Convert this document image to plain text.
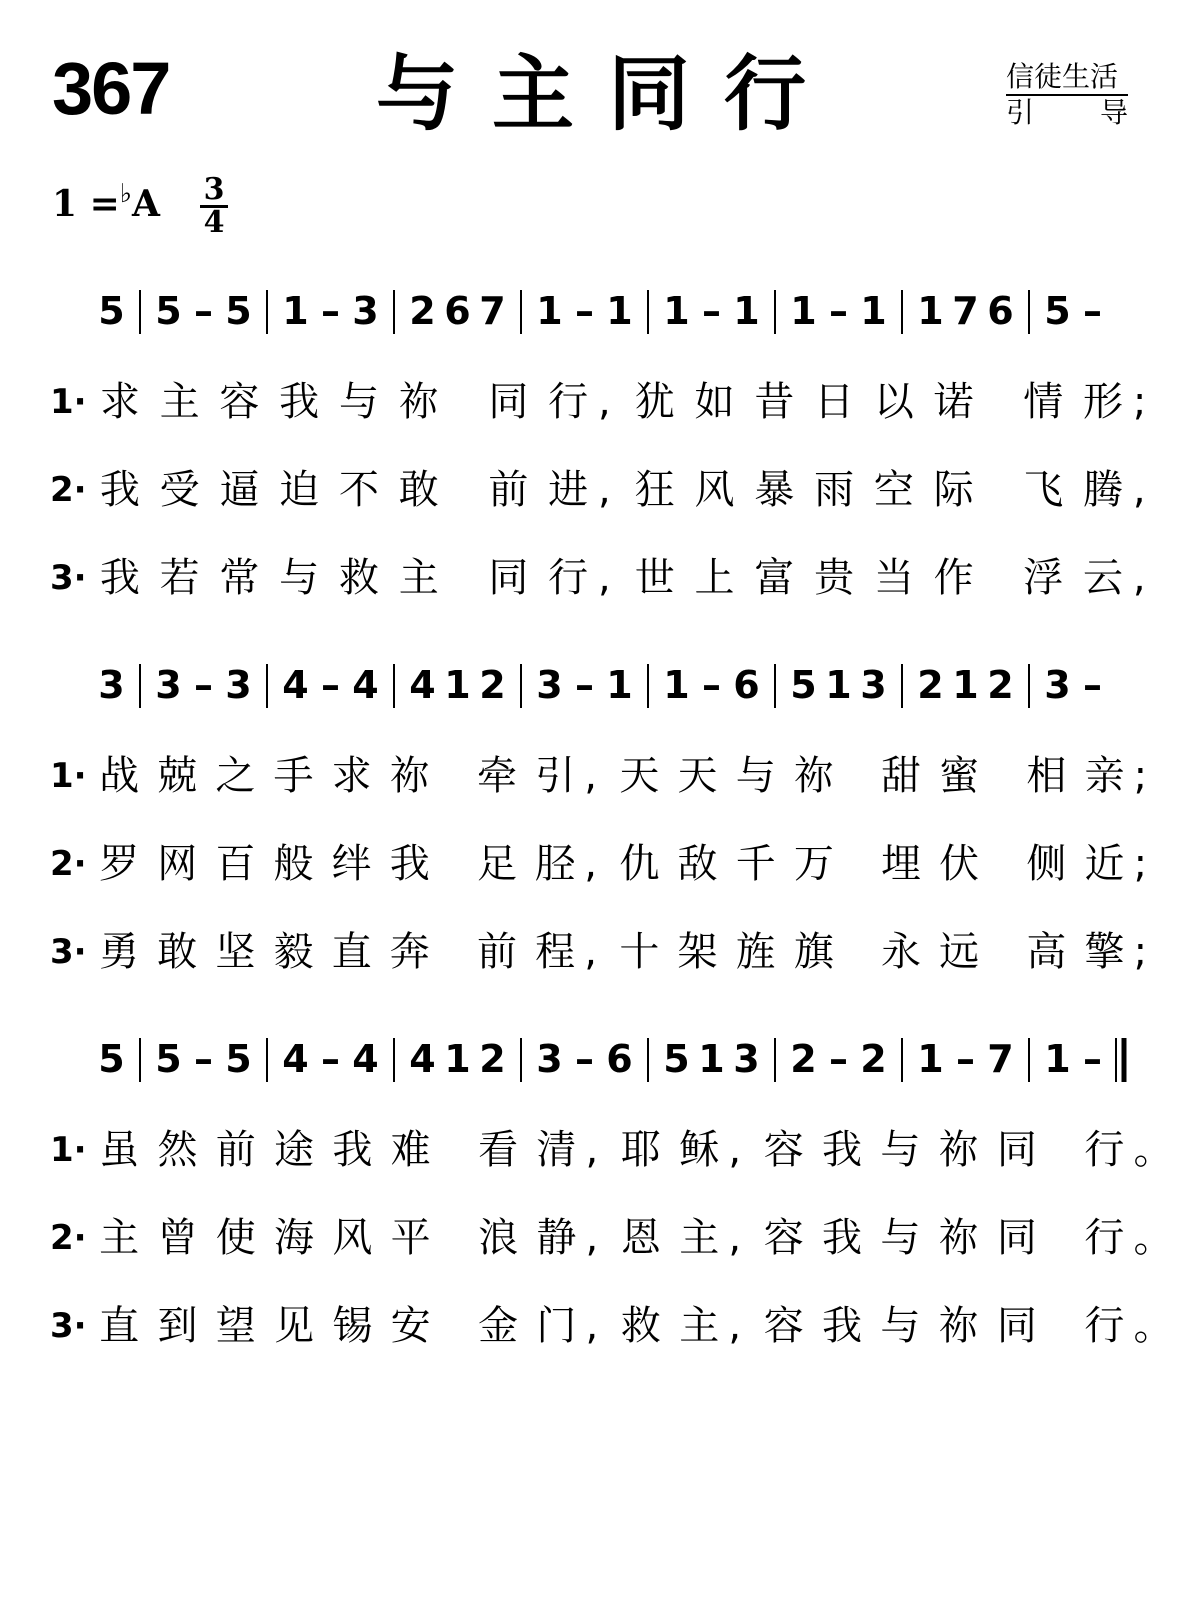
367	与主同行	信徒生活
引 导
1 =♭A 3
4
5 5 – 5 1 – 3 2 6 7 1 – 1 1 – 1 1 – 1 1 7 6 5 –
1· 求 主 容 我 与 祢 同 行 , 犹 如 昔 日 以 诺 情 形 ;
2· 我 受 逼 迫 不 敢 前 进 , 狂 风 暴 雨 空 际 飞 腾 ,
3· 我 若 常 与 救 主 同 行 , 世 上 富 贵 当 作 浮 云 ,
3 3 – 3 4 – 4 4 1 2 3 – 1 1 – 6 5 1 3 2 1 2 3 –
1· 战 兢 之 手 求 祢 牵 引 , 天 天 与 祢 甜 蜜 相 亲 ;
2· 罗 网 百 般 绊 我 足 胫 , 仇 敌 千 万 埋 伏 侧 近 ;
3· 勇 敢 坚 毅 直 奔 前 程 , 十 架 旌 旗 永 远 高 擎 ;
5 5 – 5 4 – 4 4 1 2 3 – 6 5 1 3 2 – 2 1 – 7 1 –
1· 虽 然 前 途 我 难 看 清 , 耶 稣 , 容 我 与 祢 同 行 。
2· 主 曾 使 海 风 平 浪 静 , 恩 主 , 容 我 与 祢 同 行 。
3· 直 到 望 见 锡 安 金 门 , 救 主 , 容 我 与 祢 同 行 。
